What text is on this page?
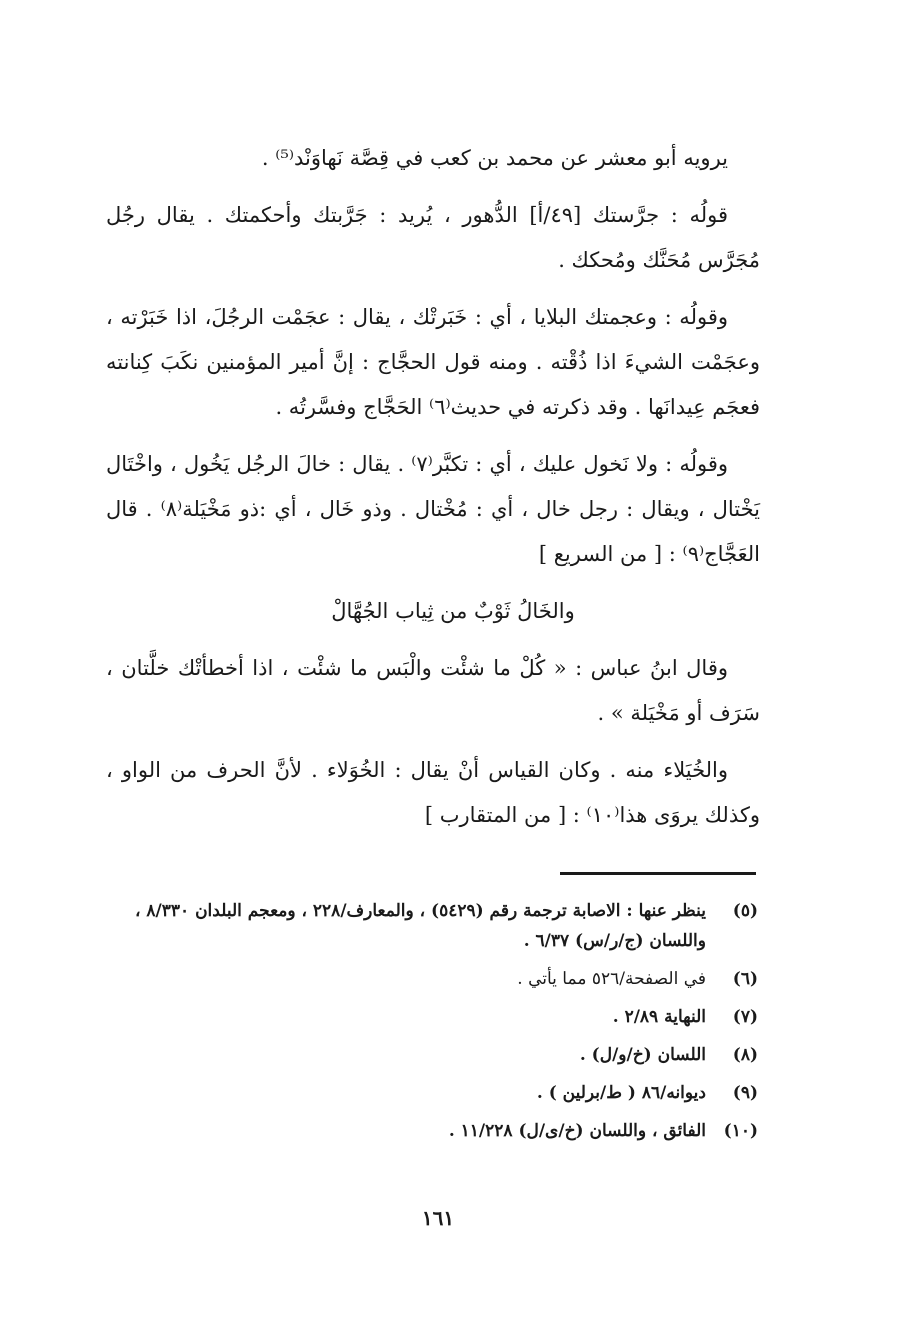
يرويه أبو معشر عن محمد بن كعب في قِصَّة نَهاوَنْد⁽⁵⁾ .

قولُه : جرَّستك [٤٩/أ] الدُّهور ، يُريد : جَرَّبتك وأحكمتك . يقال رجُل مُجَرَّس مُحَنَّك ومُحكك .

وقولُه : وعجمتك البلايا ، أي : خَبَرتْك ، يقال : عجَمْت الرجُلَ، اذا خَبَرْته ، وعجَمْت الشيءَ اذا ذُقْته . ومنه قول الحجَّاج : إنَّ أمير المؤمنين نكَبَ كِنانته فعجَم عِيدانَها . وقد ذكرته في حديث⁽٦⁾ الحَجَّاج وفسَّرتُه .

وقولُه : ولا نَخول عليك ، أي : تكبَّر⁽٧⁾ . يقال : خالَ الرجُل يَخُول ، واخْتَال يَخْتال ، ويقال : رجل خال ، أي : مُخْتال . وذو خَال ، أي :ذو مَخْيَلة⁽٨⁾ . قال العَجَّاج⁽٩⁾ : [ من السريع ]

والخَالُ ثَوْبٌ من ثِياب الجُهَّالْ

وقال ابنُ عباس : « كُلْ ما شئْت والْبَس ما شئْت ، اذا أخطأتْك خلَّتان ، سَرَف أو مَخْيَلة » .

والخُيَلاء منه . وكان القياس أنْ يقال : الخُوَلاء . لأنَّ الحرف من الواو ، وكذلك يروَى هذا⁽١٠⁾ : [ من المتقارب ]

(٥)
ينظر عنها : الاصابة ترجمة رقم (٥٤٢٩) ، والمعارف/٢٢٨ ، ومعجم البلدان ٨/٣٣٠ ، واللسان (ج/ر/س) ٦/٣٧ .
(٦)
في الصفحة/٥٢٦ مما يأتي .
(٧)
النهاية ٢/٨٩ .
(٨)
اللسان (خ/و/ل) .
(٩)
ديوانه/٨٦ ( ط/برلين ) .
(١٠)
الفائق ، واللسان (خ/ى/ل) ١١/٢٢٨ .
١٦١
